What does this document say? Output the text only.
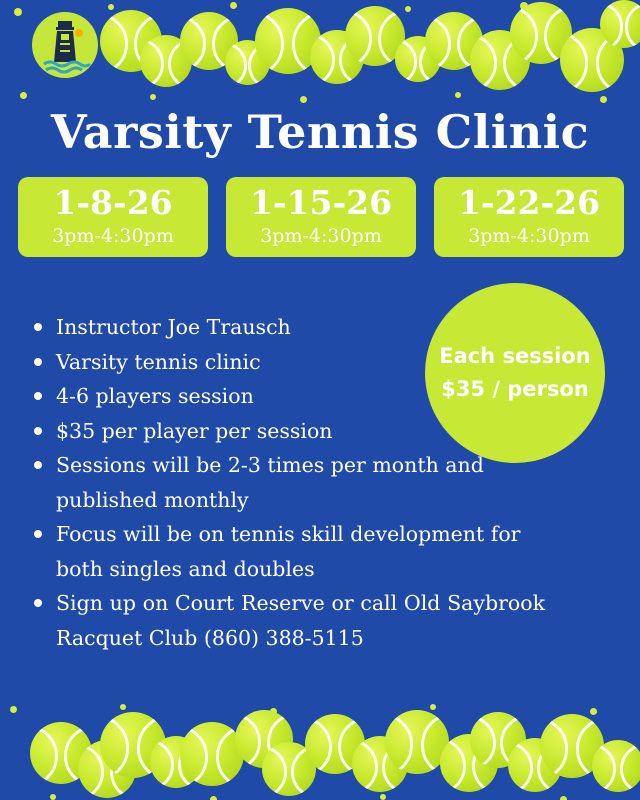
Varsity Tennis Clinic
1-8-26
3pm-4:30pm
1-15-26
3pm-4:30pm
1-22-26
3pm-4:30pm
Each session
$35 / person
Instructor Joe Trausch
Varsity tennis clinic
4-6 players session
$35 per player per session
Sessions will be 2-3 times per month and published monthly
Focus will be on tennis skill development for both singles and doubles
Sign up on Court Reserve or call Old Saybrook Racquet Club (860) 388-5115
